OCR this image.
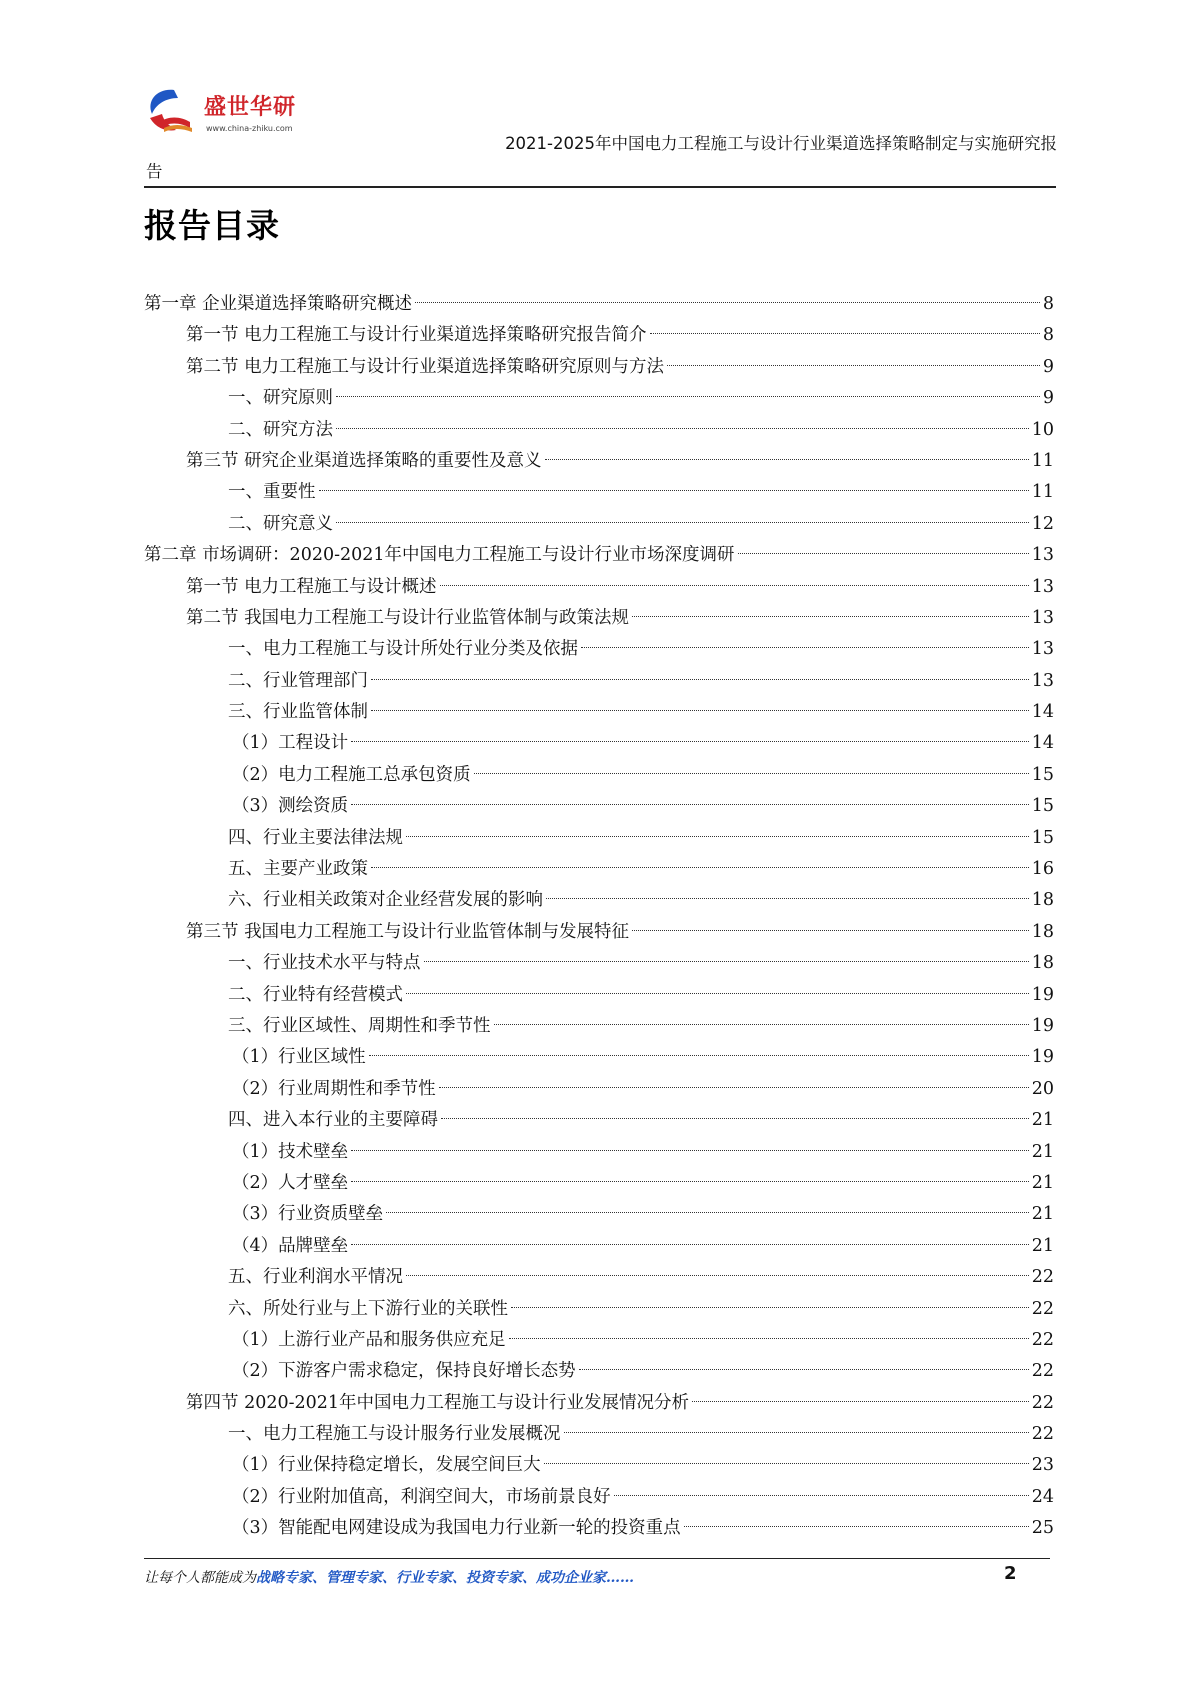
盛世华研
www.china-zhiku.com
2021-2025年中国电力工程施工与设计行业渠道选择策略制定与实施研究报
告
报告目录
第一章 企业渠道选择策略研究概述	8
第一节 电力工程施工与设计行业渠道选择策略研究报告简介	8
第二节 电力工程施工与设计行业渠道选择策略研究原则与方法	9
一、研究原则	9
二、研究方法	10
第三节 研究企业渠道选择策略的重要性及意义	11
一、重要性	11
二、研究意义	12
第二章 市场调研：2020-2021年中国电力工程施工与设计行业市场深度调研	13
第一节 电力工程施工与设计概述	13
第二节 我国电力工程施工与设计行业监管体制与政策法规	13
一、电力工程施工与设计所处行业分类及依据	13
二、行业管理部门	13
三、行业监管体制	14
（1）工程设计	14
（2）电力工程施工总承包资质	15
（3）测绘资质	15
四、行业主要法律法规	15
五、主要产业政策	16
六、行业相关政策对企业经营发展的影响	18
第三节 我国电力工程施工与设计行业监管体制与发展特征	18
一、行业技术水平与特点	18
二、行业特有经营模式	19
三、行业区域性、周期性和季节性	19
（1）行业区域性	19
（2）行业周期性和季节性	20
四、进入本行业的主要障碍	21
（1）技术壁垒	21
（2）人才壁垒	21
（3）行业资质壁垒	21
（4）品牌壁垒	21
五、行业利润水平情况	22
六、所处行业与上下游行业的关联性	22
（1）上游行业产品和服务供应充足	22
（2）下游客户需求稳定，保持良好增长态势	22
第四节 2020-2021年中国电力工程施工与设计行业发展情况分析	22
一、电力工程施工与设计服务行业发展概况	22
（1）行业保持稳定增长，发展空间巨大	23
（2）行业附加值高，利润空间大，市场前景良好	24
（3）智能配电网建设成为我国电力行业新一轮的投资重点	25
让每个人都能成为战略专家、管理专家、行业专家、投资专家、成功企业家……	2
